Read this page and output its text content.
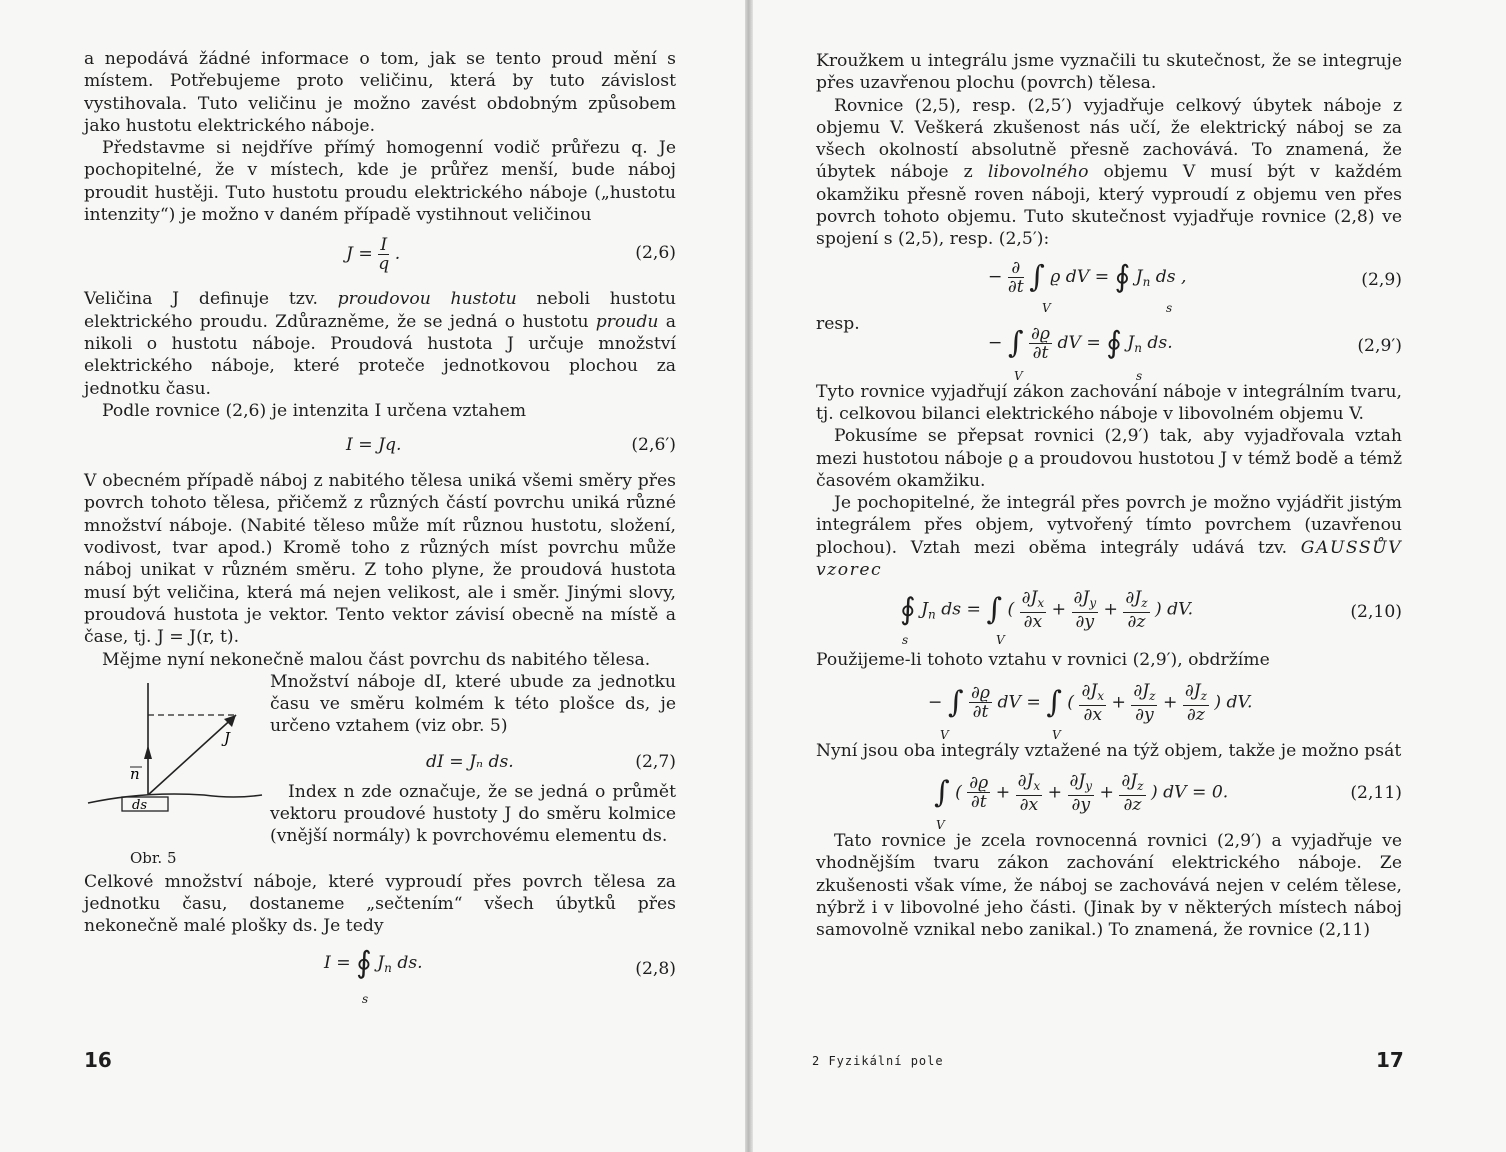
a nepodává žádné informace o tom, jak se tento proud mění s místem. Potřebujeme proto veličinu, která by tuto závislost vystihovala. Tuto veličinu je možno zavést obdobným způsobem jako hustotu elektrického náboje.

Představme si nejdříve přímý homogenní vodič průřezu q. Je pochopitelné, že v místech, kde je průřez menší, bude náboj proudit hustěji. Tuto hustotu proudu elektrického náboje („hustotu intenzity“) je možno v daném případě vystihnout veličinou

$J = \frac{I}{q}$ .	(2,6)

Veličina J definuje tzv. proudovou hustotu neboli hustotu elektrického proudu. Zdůrazněme, že se jedná o hustotu proudu a nikoli o hustotu náboje. Proudová hustota J určuje množství elektrického náboje, které proteče jednotkovou plochou za jednotku času.

Podle rovnice (2,6) je intenzita I určena vztahem

I = Jq.	(2,6′)

V obecném případě náboj z nabitého tělesa uniká všemi směry přes povrch tohoto tělesa, přičemž z různých částí povrchu uniká různé množství náboje. (Nabité těleso může mít různou hustotu, složení, vodivost, tvar apod.) Kromě toho z různých míst povrchu může náboj unikat v různém směru. Z toho plyne, že proudová hustota musí být veličina, která má nejen velikost, ale i směr. Jinými slovy, proudová hustota je vektor. Tento vektor závisí obecně na místě a čase, tj. J = J(r, t).

Mějme nyní nekonečně malou část povrchu ds nabitého tělesa.

n
J
ds
Obr. 5

Množství náboje dI, které ubude za jednotku času ve směru kolmém k této plošce ds, je určeno vztahem (viz obr. 5)

dI = Jₙ ds.	(2,7)

Index n zde označuje, že se jedná o průmět vektoru proudové hustoty J do směru kolmice (vnější normály) k povrchovému elementu ds.

Celkové množství náboje, které vyproudí přes povrch tělesa za jednotku času, dostaneme „sečtením“ všech úbytků přes nekonečně malé plošky ds. Je tedy

I = ∮ $J_n$ ds.
s
(2,8)
16

Kroužkem u integrálu jsme vyznačili tu skutečnost, že se integruje přes uzavřenou plochu (povrch) tělesa.

Rovnice (2,5), resp. (2,5′) vyjadřuje celkový úbytek náboje z objemu V. Veškerá zkušenost nás učí, že elektrický náboj se za všech okolností absolutně přesně zachovává. To znamená, že úbytek náboje z libovolného objemu V musí být v každém okamžiku přesně roven náboji, který vyproudí z objemu ven přes povrch tohoto objemu. Tuto skutečnost vyjadřuje rovnice (2,8) ve spojení s (2,5), resp. (2,5′):

− $\frac{\partial}{\partial t}$ ∫ ϱ dV = ∮ $J_n$ ds ,
V	s
(2,9)
resp.
− ∫ $\frac{\partial ϱ}{\partial t}$ dV = ∮ $J_n$ ds.
V	s
(2,9′)

Tyto rovnice vyjadřují zákon zachování náboje v integrálním tvaru, tj. celkovou bilanci elektrického náboje v libovolném objemu V.

Pokusíme se přepsat rovnici (2,9′) tak, aby vyjadřovala vztah mezi hustotou náboje ϱ a proudovou hustotou J v témž bodě a témž časovém okamžiku.

Je pochopitelné, že integrál přes povrch je možno vyjádřit jistým integrálem přes objem, vytvořený tímto povrchem (uzavřenou plochou). Vztah mezi oběma integrály udává tzv. GAUSSŮV vzorec

∮ $J_n$ ds = ∫ ( $\frac{\partial J_x}{\partial x} + \frac{\partial J_y}{\partial y} + \frac{\partial J_z}{\partial z}$ ) dV.
s	V
(2,10)

Použijeme-li tohoto vztahu v rovnici (2,9′), obdržíme

− ∫ $\frac{\partial ϱ}{\partial t}$ dV = ∫ ( $\frac{\partial J_x}{\partial x} + \frac{\partial J_z}{\partial y} + \frac{\partial J_z}{\partial z}$ ) dV.
V	V

Nyní jsou oba integrály vztažené na týž objem, takže je možno psát

∫ ( $\frac{\partial ϱ}{\partial t} + \frac{\partial J_x}{\partial x} + \frac{\partial J_y}{\partial y} + \frac{\partial J_z}{\partial z}$ ) dV = 0.
V
(2,11)

Tato rovnice je zcela rovnocenná rovnici (2,9′) a vyjadřuje ve vhodnějším tvaru zákon zachování elektrického náboje. Ze zkušenosti však víme, že náboj se zachovává nejen v celém tělese, nýbrž i v libovolné jeho části. (Jinak by v některých místech náboj samovolně vznikal nebo zanikal.) To znamená, že rovnice (2,11)

2 Fyzikální pole	17
